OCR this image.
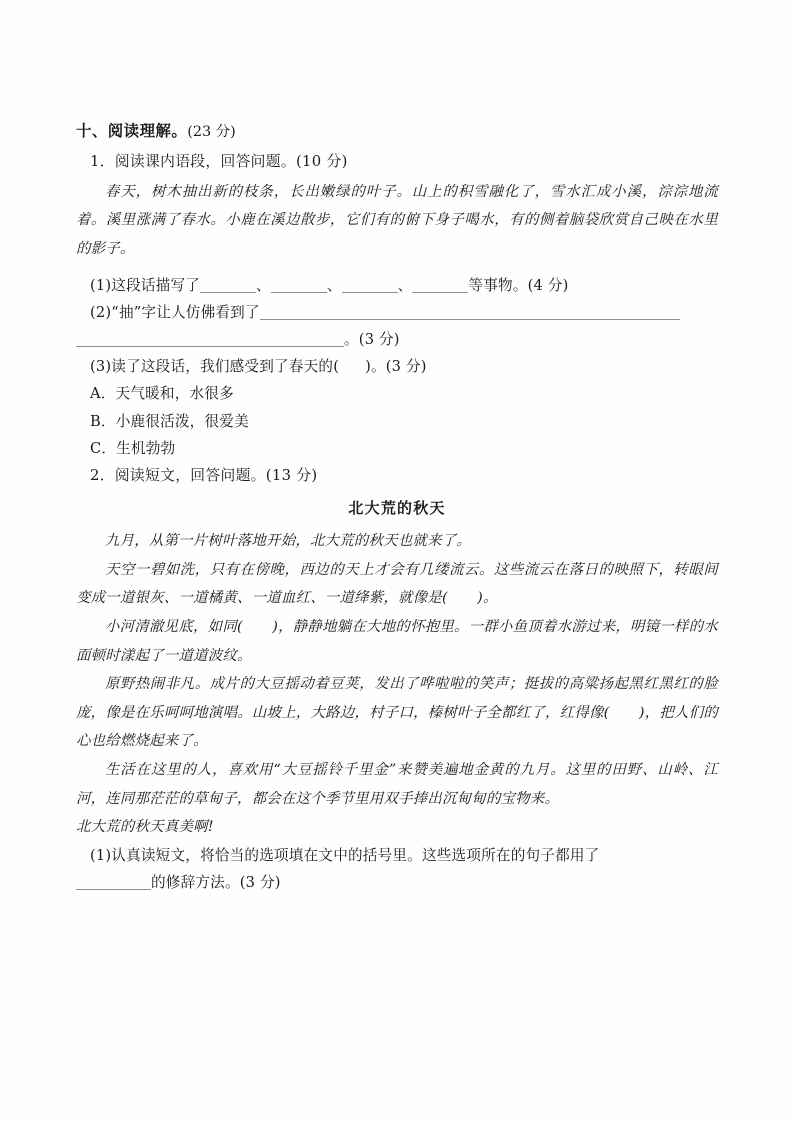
十、阅读理解。(23 分)
1．阅读课内语段，回答问题。(10 分)
春天，树木抽出新的枝条，长出嫩绿的叶子。山上的积雪融化了，雪水汇成小溪，淙淙地流着。溪里涨满了春水。小鹿在溪边散步，它们有的俯下身子喝水，有的侧着脑袋欣赏自己映在水里的影子。
(1)这段话描写了	、	、	、	等事物。(4 分)
(2)“抽”字让人仿佛看到了
。(3 分)
(3)读了这段话，我们感受到了春天的( )。(3 分)
A．天气暖和，水很多
B．小鹿很活泼，很爱美
C．生机勃勃
2．阅读短文，回答问题。(13 分)
北大荒的秋天
九月，从第一片树叶落地开始，北大荒的秋天也就来了。
天空一碧如洗，只有在傍晚，西边的天上才会有几缕流云。这些流云在落日的映照下，转眼间变成一道银灰、一道橘黄、一道血红、一道绛紫，就像是(　　)。
小河清澈见底，如同(　　)，静静地躺在大地的怀抱里。一群小鱼顶着水游过来，明镜一样的水面顿时漾起了一道道波纹。
原野热闹非凡。成片的大豆摇动着豆荚，发出了哗啦啦的笑声；挺拔的高粱扬起黑红黑红的脸庞，像是在乐呵呵地演唱。山坡上，大路边，村子口，榛树叶子全都红了，红得像(　　)，把人们的心也给燃烧起来了。
生活在这里的人，喜欢用“大豆摇铃千里金”来赞美遍地金黄的九月。这里的田野、山岭、江河，连同那茫茫的草甸子，都会在这个季节里用双手捧出沉甸甸的宝物来。
北大荒的秋天真美啊!
(1)认真读短文，将恰当的选项填在文中的括号里。这些选项所在的句子都用了
的修辞方法。(3 分)
